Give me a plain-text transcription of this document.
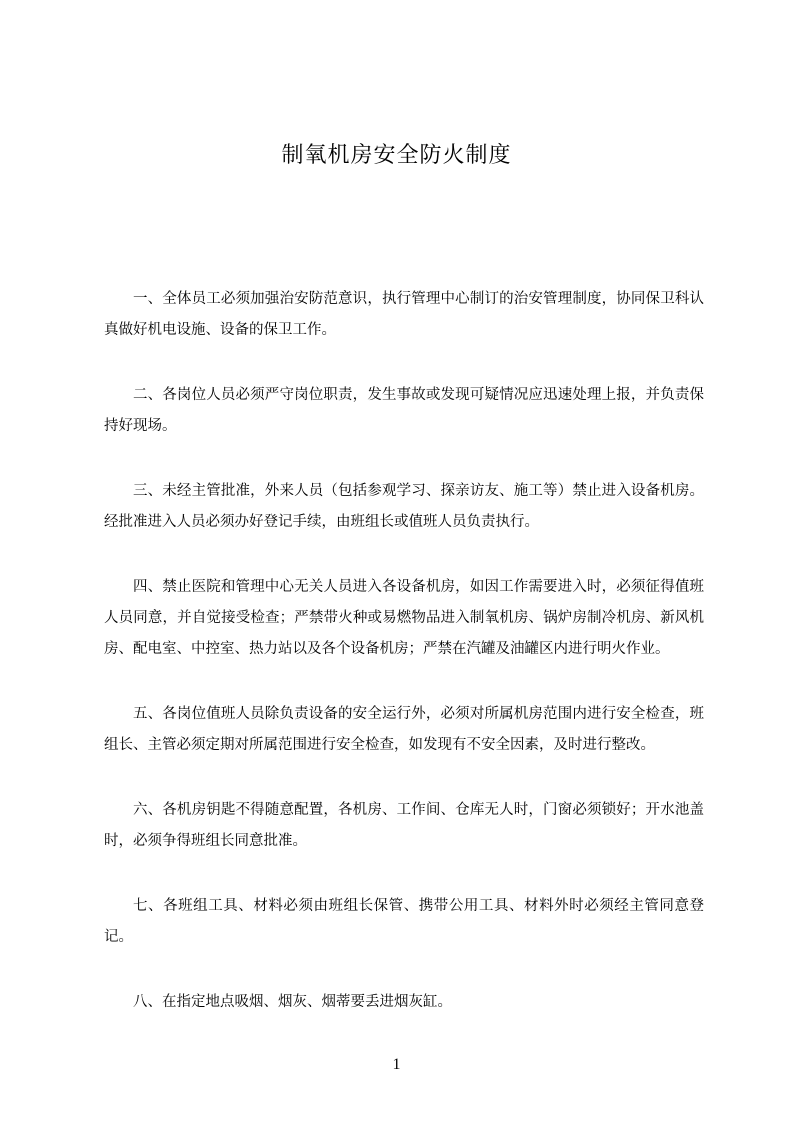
制氧机房安全防火制度

一、全体员工必须加强治安防范意识，执行管理中心制订的治安管理制度，协同保卫科认真做好机电设施、设备的保卫工作。

二、各岗位人员必须严守岗位职责，发生事故或发现可疑情况应迅速处理上报，并负责保持好现场。

三、未经主管批准，外来人员（包括参观学习、探亲访友、施工等）禁止进入设备机房。经批准进入人员必须办好登记手续，由班组长或值班人员负责执行。

四、禁止医院和管理中心无关人员进入各设备机房，如因工作需要进入时，必须征得值班人员同意，并自觉接受检查；严禁带火种或易燃物品进入制氧机房、锅炉房制冷机房、新风机房、配电室、中控室、热力站以及各个设备机房；严禁在汽罐及油罐区内进行明火作业。

五、各岗位值班人员除负责设备的安全运行外，必须对所属机房范围内进行安全检查，班组长、主管必须定期对所属范围进行安全检查，如发现有不安全因素，及时进行整改。

六、各机房钥匙不得随意配置，各机房、工作间、仓库无人时，门窗必须锁好；开水池盖时，必须争得班组长同意批准。

七、各班组工具、材料必须由班组长保管、携带公用工具、材料外时必须经主管同意登记。

八、在指定地点吸烟、烟灰、烟蒂要丢进烟灰缸。

1
